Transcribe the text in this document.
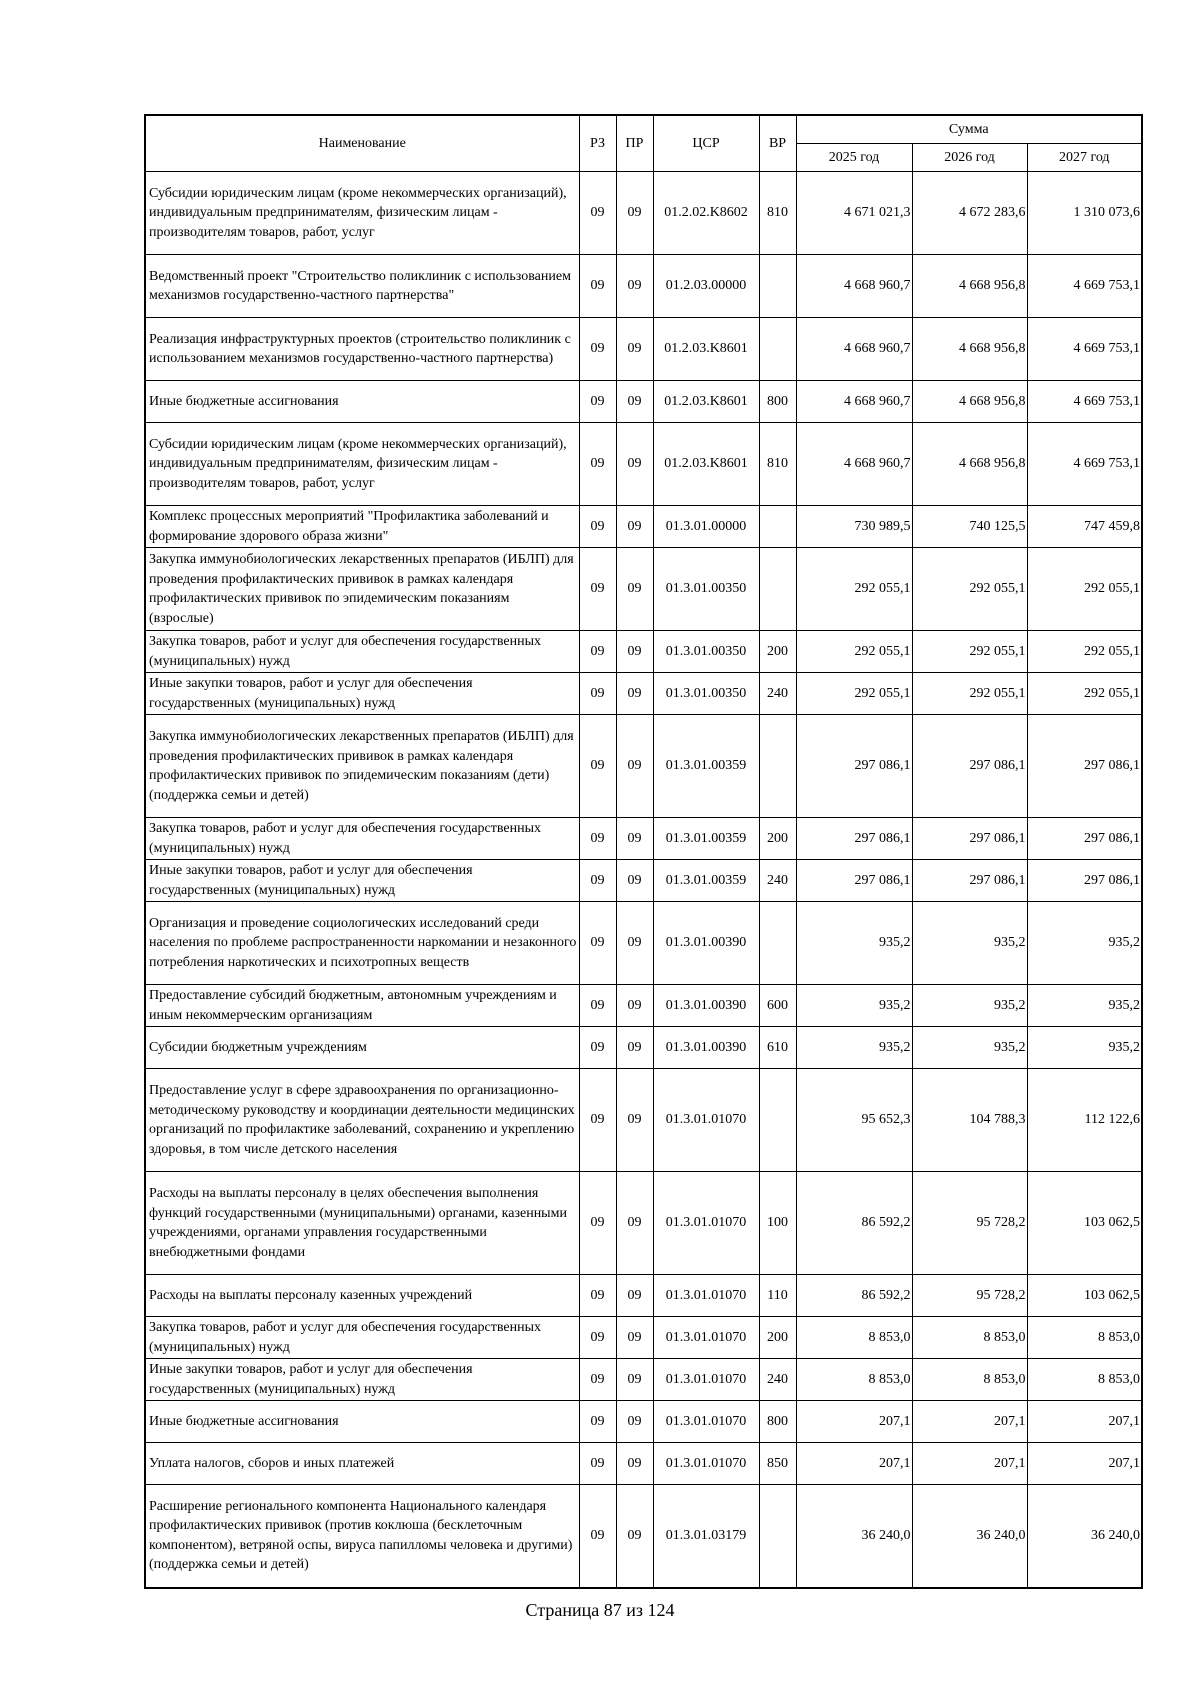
Наименование	РЗ	ПР	ЦСР	ВР	Сумма		
					2025 год	2026 год	2027 год
Субсидии юридическим лицам (кроме некоммерческих организаций), индивидуальным предпринимателям, физическим лицам - производителям товаров, работ, услуг	09	09	01.2.02.K8602	810	4 671 021,3	4 672 283,6	1 310 073,6
Ведомственный проект "Строительство поликлиник с использованием механизмов государственно-частного партнерства"	09	09	01.2.03.00000		4 668 960,7	4 668 956,8	4 669 753,1
Реализация инфраструктурных проектов (строительство поликлиник с использованием механизмов государственно-частного партнерства)	09	09	01.2.03.K8601		4 668 960,7	4 668 956,8	4 669 753,1
Иные бюджетные ассигнования	09	09	01.2.03.K8601	800	4 668 960,7	4 668 956,8	4 669 753,1
Субсидии юридическим лицам (кроме некоммерческих организаций), индивидуальным предпринимателям, физическим лицам - производителям товаров, работ, услуг	09	09	01.2.03.K8601	810	4 668 960,7	4 668 956,8	4 669 753,1
Комплекс процессных мероприятий "Профилактика заболеваний и формирование здорового образа жизни"	09	09	01.3.01.00000		730 989,5	740 125,5	747 459,8
Закупка иммунобиологических лекарственных препаратов (ИБЛП) для проведения профилактических прививок в рамках календаря профилактических прививок по эпидемическим показаниям (взрослые)	09	09	01.3.01.00350		292 055,1	292 055,1	292 055,1
Закупка товаров, работ и услуг для обеспечения государственных (муниципальных) нужд	09	09	01.3.01.00350	200	292 055,1	292 055,1	292 055,1
Иные закупки товаров, работ и услуг для обеспечения государственных (муниципальных) нужд	09	09	01.3.01.00350	240	292 055,1	292 055,1	292 055,1
Закупка иммунобиологических лекарственных препаратов (ИБЛП) для проведения профилактических прививок в рамках календаря профилактических прививок по эпидемическим показаниям (дети) (поддержка семьи и детей)	09	09	01.3.01.00359		297 086,1	297 086,1	297 086,1
Закупка товаров, работ и услуг для обеспечения государственных (муниципальных) нужд	09	09	01.3.01.00359	200	297 086,1	297 086,1	297 086,1
Иные закупки товаров, работ и услуг для обеспечения государственных (муниципальных) нужд	09	09	01.3.01.00359	240	297 086,1	297 086,1	297 086,1
Организация и проведение социологических исследований среди населения по проблеме распространенности наркомании и незаконного потребления наркотических и психотропных веществ	09	09	01.3.01.00390		935,2	935,2	935,2
Предоставление субсидий бюджетным, автономным учреждениям и иным некоммерческим организациям	09	09	01.3.01.00390	600	935,2	935,2	935,2
Субсидии бюджетным учреждениям	09	09	01.3.01.00390	610	935,2	935,2	935,2
Предоставление услуг в сфере здравоохранения по организационно-методическому руководству и координации деятельности медицинских организаций по профилактике заболеваний, сохранению и укреплению здоровья, в том числе детского населения	09	09	01.3.01.01070		95 652,3	104 788,3	112 122,6
Расходы на выплаты персоналу в целях обеспечения выполнения функций государственными (муниципальными) органами, казенными учреждениями, органами управления государственными внебюджетными фондами	09	09	01.3.01.01070	100	86 592,2	95 728,2	103 062,5
Расходы на выплаты персоналу казенных учреждений	09	09	01.3.01.01070	110	86 592,2	95 728,2	103 062,5
Закупка товаров, работ и услуг для обеспечения государственных (муниципальных) нужд	09	09	01.3.01.01070	200	8 853,0	8 853,0	8 853,0
Иные закупки товаров, работ и услуг для обеспечения государственных (муниципальных) нужд	09	09	01.3.01.01070	240	8 853,0	8 853,0	8 853,0
Иные бюджетные ассигнования	09	09	01.3.01.01070	800	207,1	207,1	207,1
Уплата налогов, сборов и иных платежей	09	09	01.3.01.01070	850	207,1	207,1	207,1
Расширение регионального компонента Национального календаря профилактических прививок (против коклюша (бесклеточным компонентом), ветряной оспы, вируса папилломы человека и другими) (поддержка семьи и детей)	09	09	01.3.01.03179		36 240,0	36 240,0	36 240,0
Страница 87 из 124
